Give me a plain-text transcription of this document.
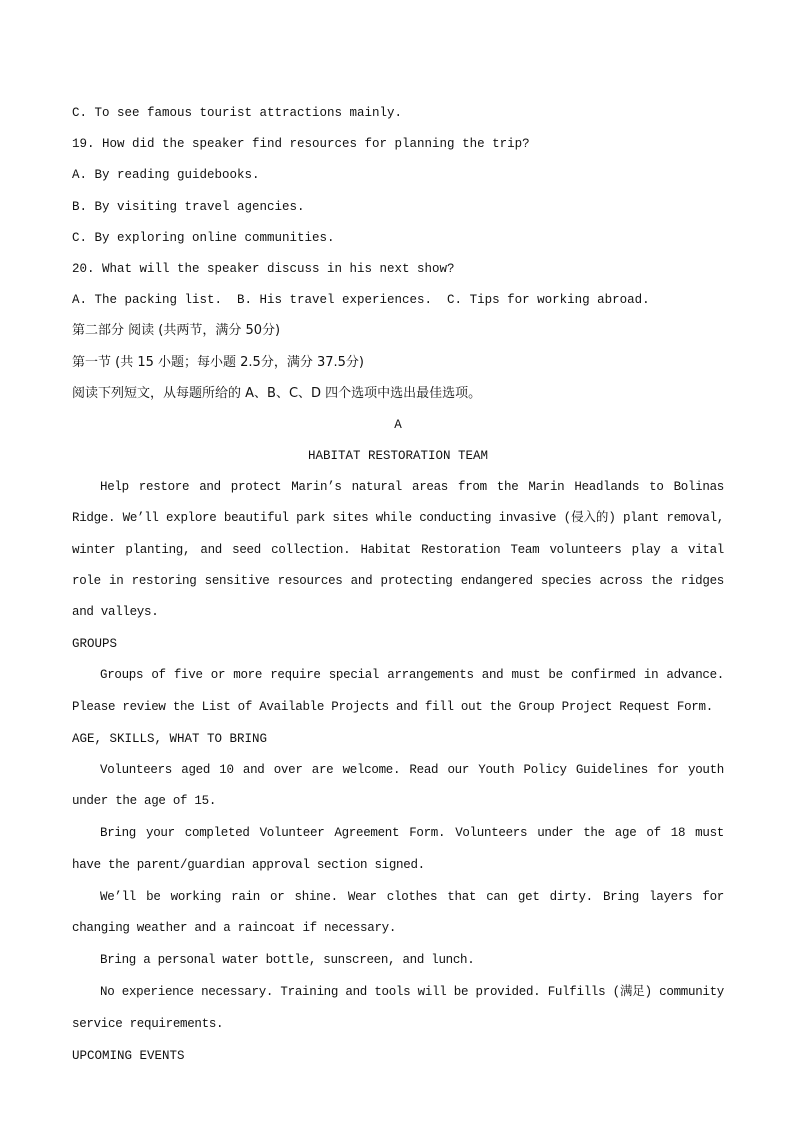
C. To see famous tourist attractions mainly.
19. How did the speaker find resources for planning the trip?
A. By reading guidebooks.
B. By visiting travel agencies.
C. By exploring online communities.
20. What will the speaker discuss in his next show?
A. The packing list.  B. His travel experiences.  C. Tips for working abroad.
第二部分 阅读 (共两节，满分 50分)
第一节 (共 15 小题；每小题 2.5分，满分 37.5分)
阅读下列短文，从每题所给的 A、B、C、D 四个选项中选出最佳选项。
A
HABITAT RESTORATION TEAM
Help restore and protect Marin’s natural areas from the Marin Headlands to Bolinas Ridge. We’ll explore beautiful park sites while conducting invasive (侵入的) plant removal, winter planting, and seed collection. Habitat Restoration Team volunteers play a vital role in restoring sensitive resources and protecting endangered species across the ridges and valleys.
GROUPS
Groups of five or more require special arrangements and must be confirmed in advance. Please review the List of Available Projects and fill out the Group Project Request Form.
AGE, SKILLS, WHAT TO BRING
Volunteers aged 10 and over are welcome. Read our Youth Policy Guidelines for youth under the age of 15.
Bring your completed Volunteer Agreement Form. Volunteers under the age of 18 must have the parent/guardian approval section signed.
We’ll be working rain or shine. Wear clothes that can get dirty. Bring layers for changing weather and a raincoat if necessary.
Bring a personal water bottle, sunscreen, and lunch.
No experience necessary. Training and tools will be provided. Fulfills (满足) community service requirements.
UPCOMING EVENTS
